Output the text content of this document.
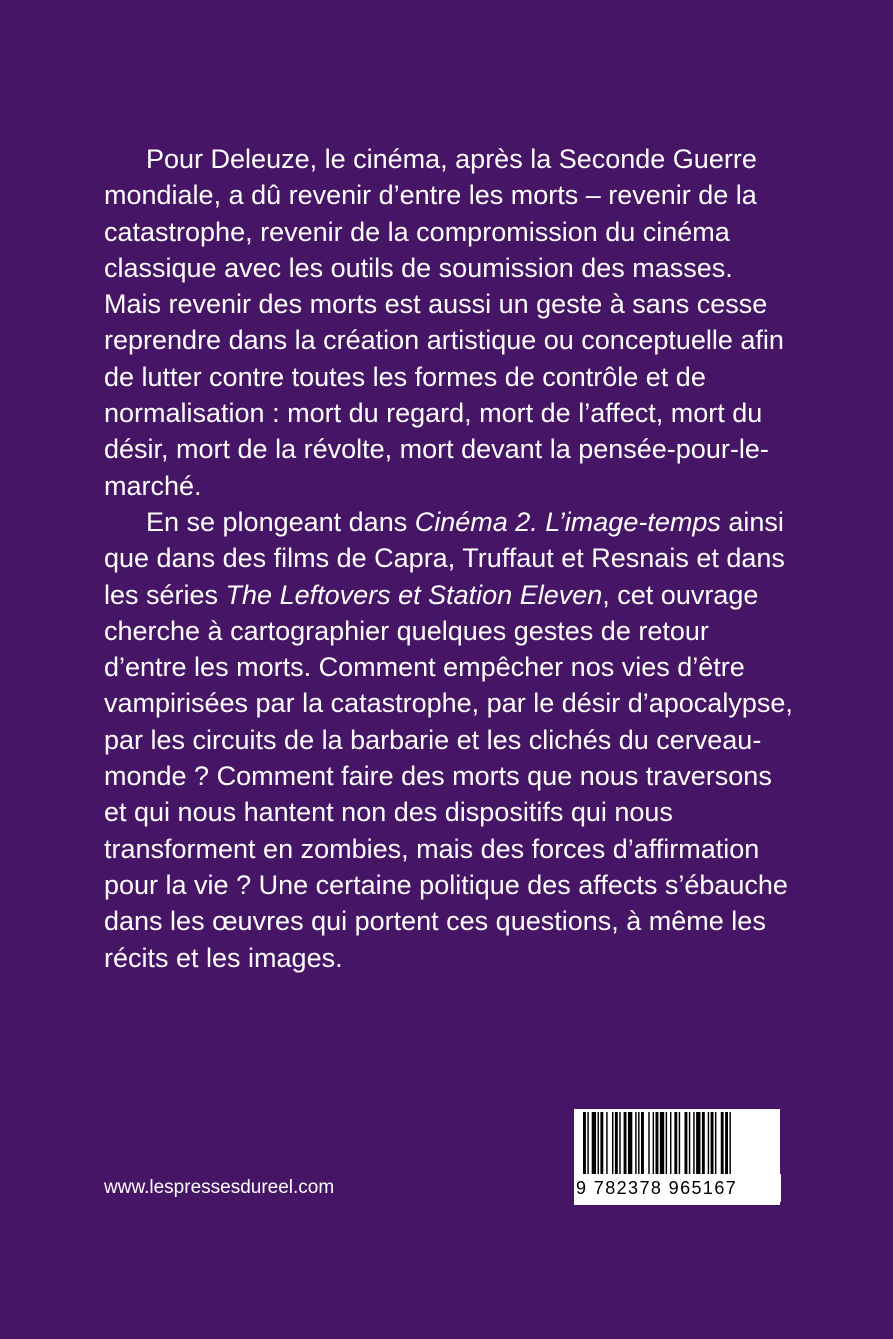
Pour Deleuze, le cinéma, après la Seconde Guerre mondiale, a dû revenir d’entre les morts – revenir de la catastrophe, revenir de la compromission du cinéma classique avec les outils de soumission des masses. Mais revenir des morts est aussi un geste à sans cesse reprendre dans la création artistique ou conceptuelle afin de lutter contre toutes les formes de contrôle et de normalisation : mort du regard, mort de l’affect, mort du désir, mort de la révolte, mort devant la pensée-pour-le-marché.

En se plongeant dans Cinéma 2. L’image-temps ainsi que dans des films de Capra, Truffaut et Resnais et dans les séries The Leftovers et Station Eleven, cet ouvrage cherche à cartographier quelques gestes de retour d’entre les morts. Comment empêcher nos vies d’être vampirisées par la catastrophe, par le désir d’apocalypse, par les circuits de la barbarie et les clichés du cerveau-monde ? Comment faire des morts que nous traversons et qui nous hantent non des dispositifs qui nous transforment en zombies, mais des forces d’affirmation pour la vie ? Une certaine politique des affects s’ébauche dans les œuvres qui portent ces questions, à même les récits et les images.

www.lespressesdureel.com	9 782378 965167
